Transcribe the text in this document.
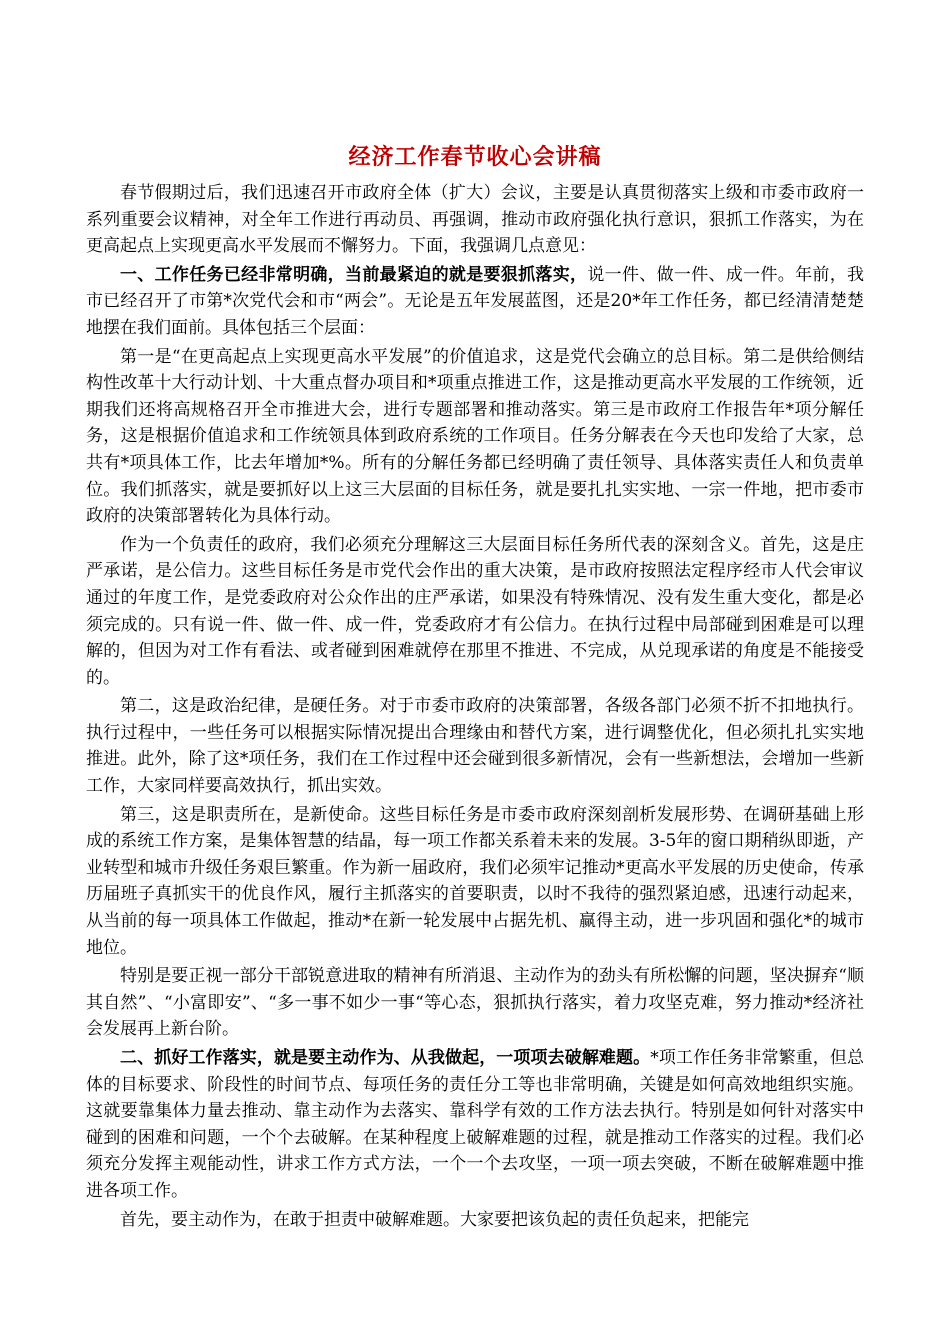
经济工作春节收心会讲稿

春节假期过后，我们迅速召开市政府全体（扩大）会议，主要是认真贯彻落实上级和市委市政府一系列重要会议精神，对全年工作进行再动员、再强调，推动市政府强化执行意识，狠抓工作落实，为在更高起点上实现更高水平发展而不懈努力。下面，我强调几点意见：

一、工作任务已经非常明确，当前最紧迫的就是要狠抓落实，说一件、做一件、成一件。年前，我市已经召开了市第*次党代会和市“两会”。无论是五年发展蓝图，还是20*年工作任务，都已经清清楚楚地摆在我们面前。具体包括三个层面：

第一是“在更高起点上实现更高水平发展”的价值追求，这是党代会确立的总目标。第二是供给侧结构性改革十大行动计划、十大重点督办项目和*项重点推进工作，这是推动更高水平发展的工作统领，近期我们还将高规格召开全市推进大会，进行专题部署和推动落实。第三是市政府工作报告年*项分解任务，这是根据价值追求和工作统领具体到政府系统的工作项目。任务分解表在今天也印发给了大家，总共有*项具体工作，比去年增加*%。所有的分解任务都已经明确了责任领导、具体落实责任人和负责单位。我们抓落实，就是要抓好以上这三大层面的目标任务，就是要扎扎实实地、一宗一件地，把市委市政府的决策部署转化为具体行动。

作为一个负责任的政府，我们必须充分理解这三大层面目标任务所代表的深刻含义。首先，这是庄严承诺，是公信力。这些目标任务是市党代会作出的重大决策，是市政府按照法定程序经市人代会审议通过的年度工作，是党委政府对公众作出的庄严承诺，如果没有特殊情况、没有发生重大变化，都是必须完成的。只有说一件、做一件、成一件，党委政府才有公信力。在执行过程中局部碰到困难是可以理解的，但因为对工作有看法、或者碰到困难就停在那里不推进、不完成，从兑现承诺的角度是不能接受的。

第二，这是政治纪律，是硬任务。对于市委市政府的决策部署，各级各部门必须不折不扣地执行。执行过程中，一些任务可以根据实际情况提出合理缘由和替代方案，进行调整优化，但必须扎扎实实地推进。此外，除了这*项任务，我们在工作过程中还会碰到很多新情况，会有一些新想法，会增加一些新工作，大家同样要高效执行，抓出实效。

第三，这是职责所在，是新使命。这些目标任务是市委市政府深刻剖析发展形势、在调研基础上形成的系统工作方案，是集体智慧的结晶，每一项工作都关系着未来的发展。3-5年的窗口期稍纵即逝，产业转型和城市升级任务艰巨繁重。作为新一届政府，我们必须牢记推动*更高水平发展的历史使命，传承历届班子真抓实干的优良作风，履行主抓落实的首要职责，以时不我待的强烈紧迫感，迅速行动起来，从当前的每一项具体工作做起，推动*在新一轮发展中占据先机、赢得主动，进一步巩固和强化*的城市地位。

特别是要正视一部分干部锐意进取的精神有所消退、主动作为的劲头有所松懈的问题，坚决摒弃“顺其自然”、“小富即安”、“多一事不如少一事“等心态，狠抓执行落实，着力攻坚克难，努力推动*经济社会发展再上新台阶。

二、抓好工作落实，就是要主动作为、从我做起，一项项去破解难题。*项工作任务非常繁重，但总体的目标要求、阶段性的时间节点、每项任务的责任分工等也非常明确，关键是如何高效地组织实施。这就要靠集体力量去推动、靠主动作为去落实、靠科学有效的工作方法去执行。特别是如何针对落实中碰到的困难和问题，一个个去破解。在某种程度上破解难题的过程，就是推动工作落实的过程。我们必须充分发挥主观能动性，讲求工作方式方法，一个一个去攻坚，一项一项去突破，不断在破解难题中推进各项工作。

首先，要主动作为，在敢于担责中破解难题。大家要把该负起的责任负起来，把能完
